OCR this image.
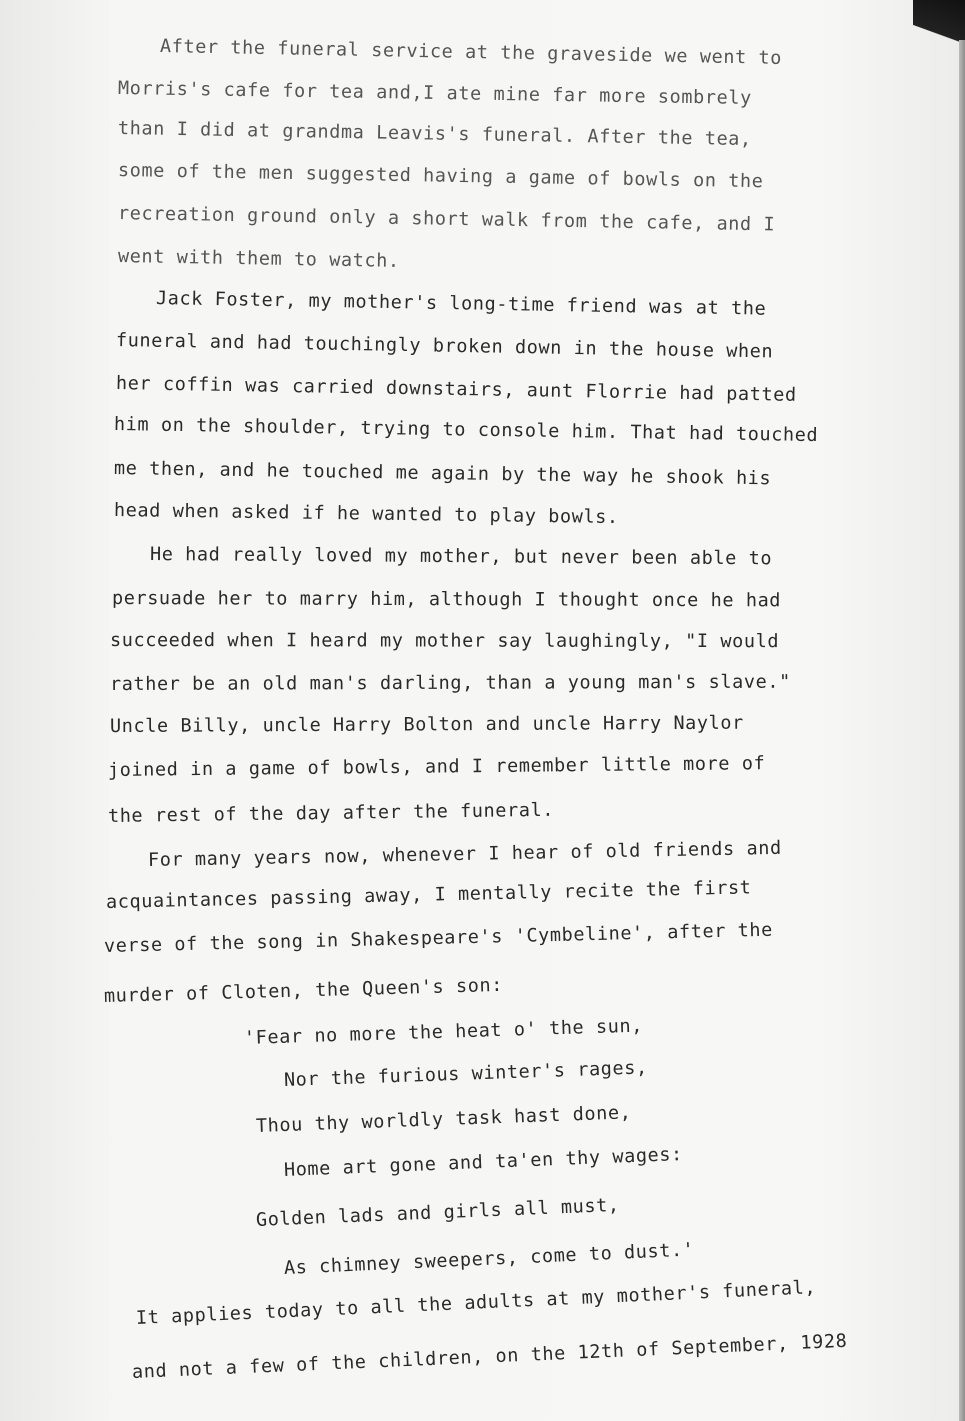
After the funeral service at the graveside we went to
Morris's cafe for tea and,I ate mine far more sombrely
than I did at grandma Leavis's funeral. After the tea,
some of the men suggested having a game of bowls on the
recreation ground only a short walk from the cafe, and I
went with them to watch.
Jack Foster, my mother's long-time friend was at the
funeral and had touchingly broken down in the house when
her coffin was carried downstairs, aunt Florrie had patted
him on the shoulder, trying to console him. That had touched
me then, and he touched me again by the way he shook his
head when asked if he wanted to play bowls.
He had really loved my mother, but never been able to
persuade her to marry him, although I thought once he had
succeeded when I heard my mother say laughingly, "I would
rather be an old man's darling, than a young man's slave."
Uncle Billy, uncle Harry Bolton and uncle Harry Naylor
joined in a game of bowls, and I remember little more of
the rest of the day after the funeral.
For many years now, whenever I hear of old friends and
acquaintances passing away, I mentally recite the first
verse of the song in Shakespeare's 'Cymbeline', after the
murder of Cloten, the Queen's son:
'Fear no more the heat o' the sun,
Nor the furious winter's rages,
Thou thy worldly task hast done,
Home art gone and ta'en thy wages:
Golden lads and girls all must,
As chimney sweepers, come to dust.'
It applies today to all the adults at my mother's funeral,
and not a few of the children, on the 12th of September, 1928
